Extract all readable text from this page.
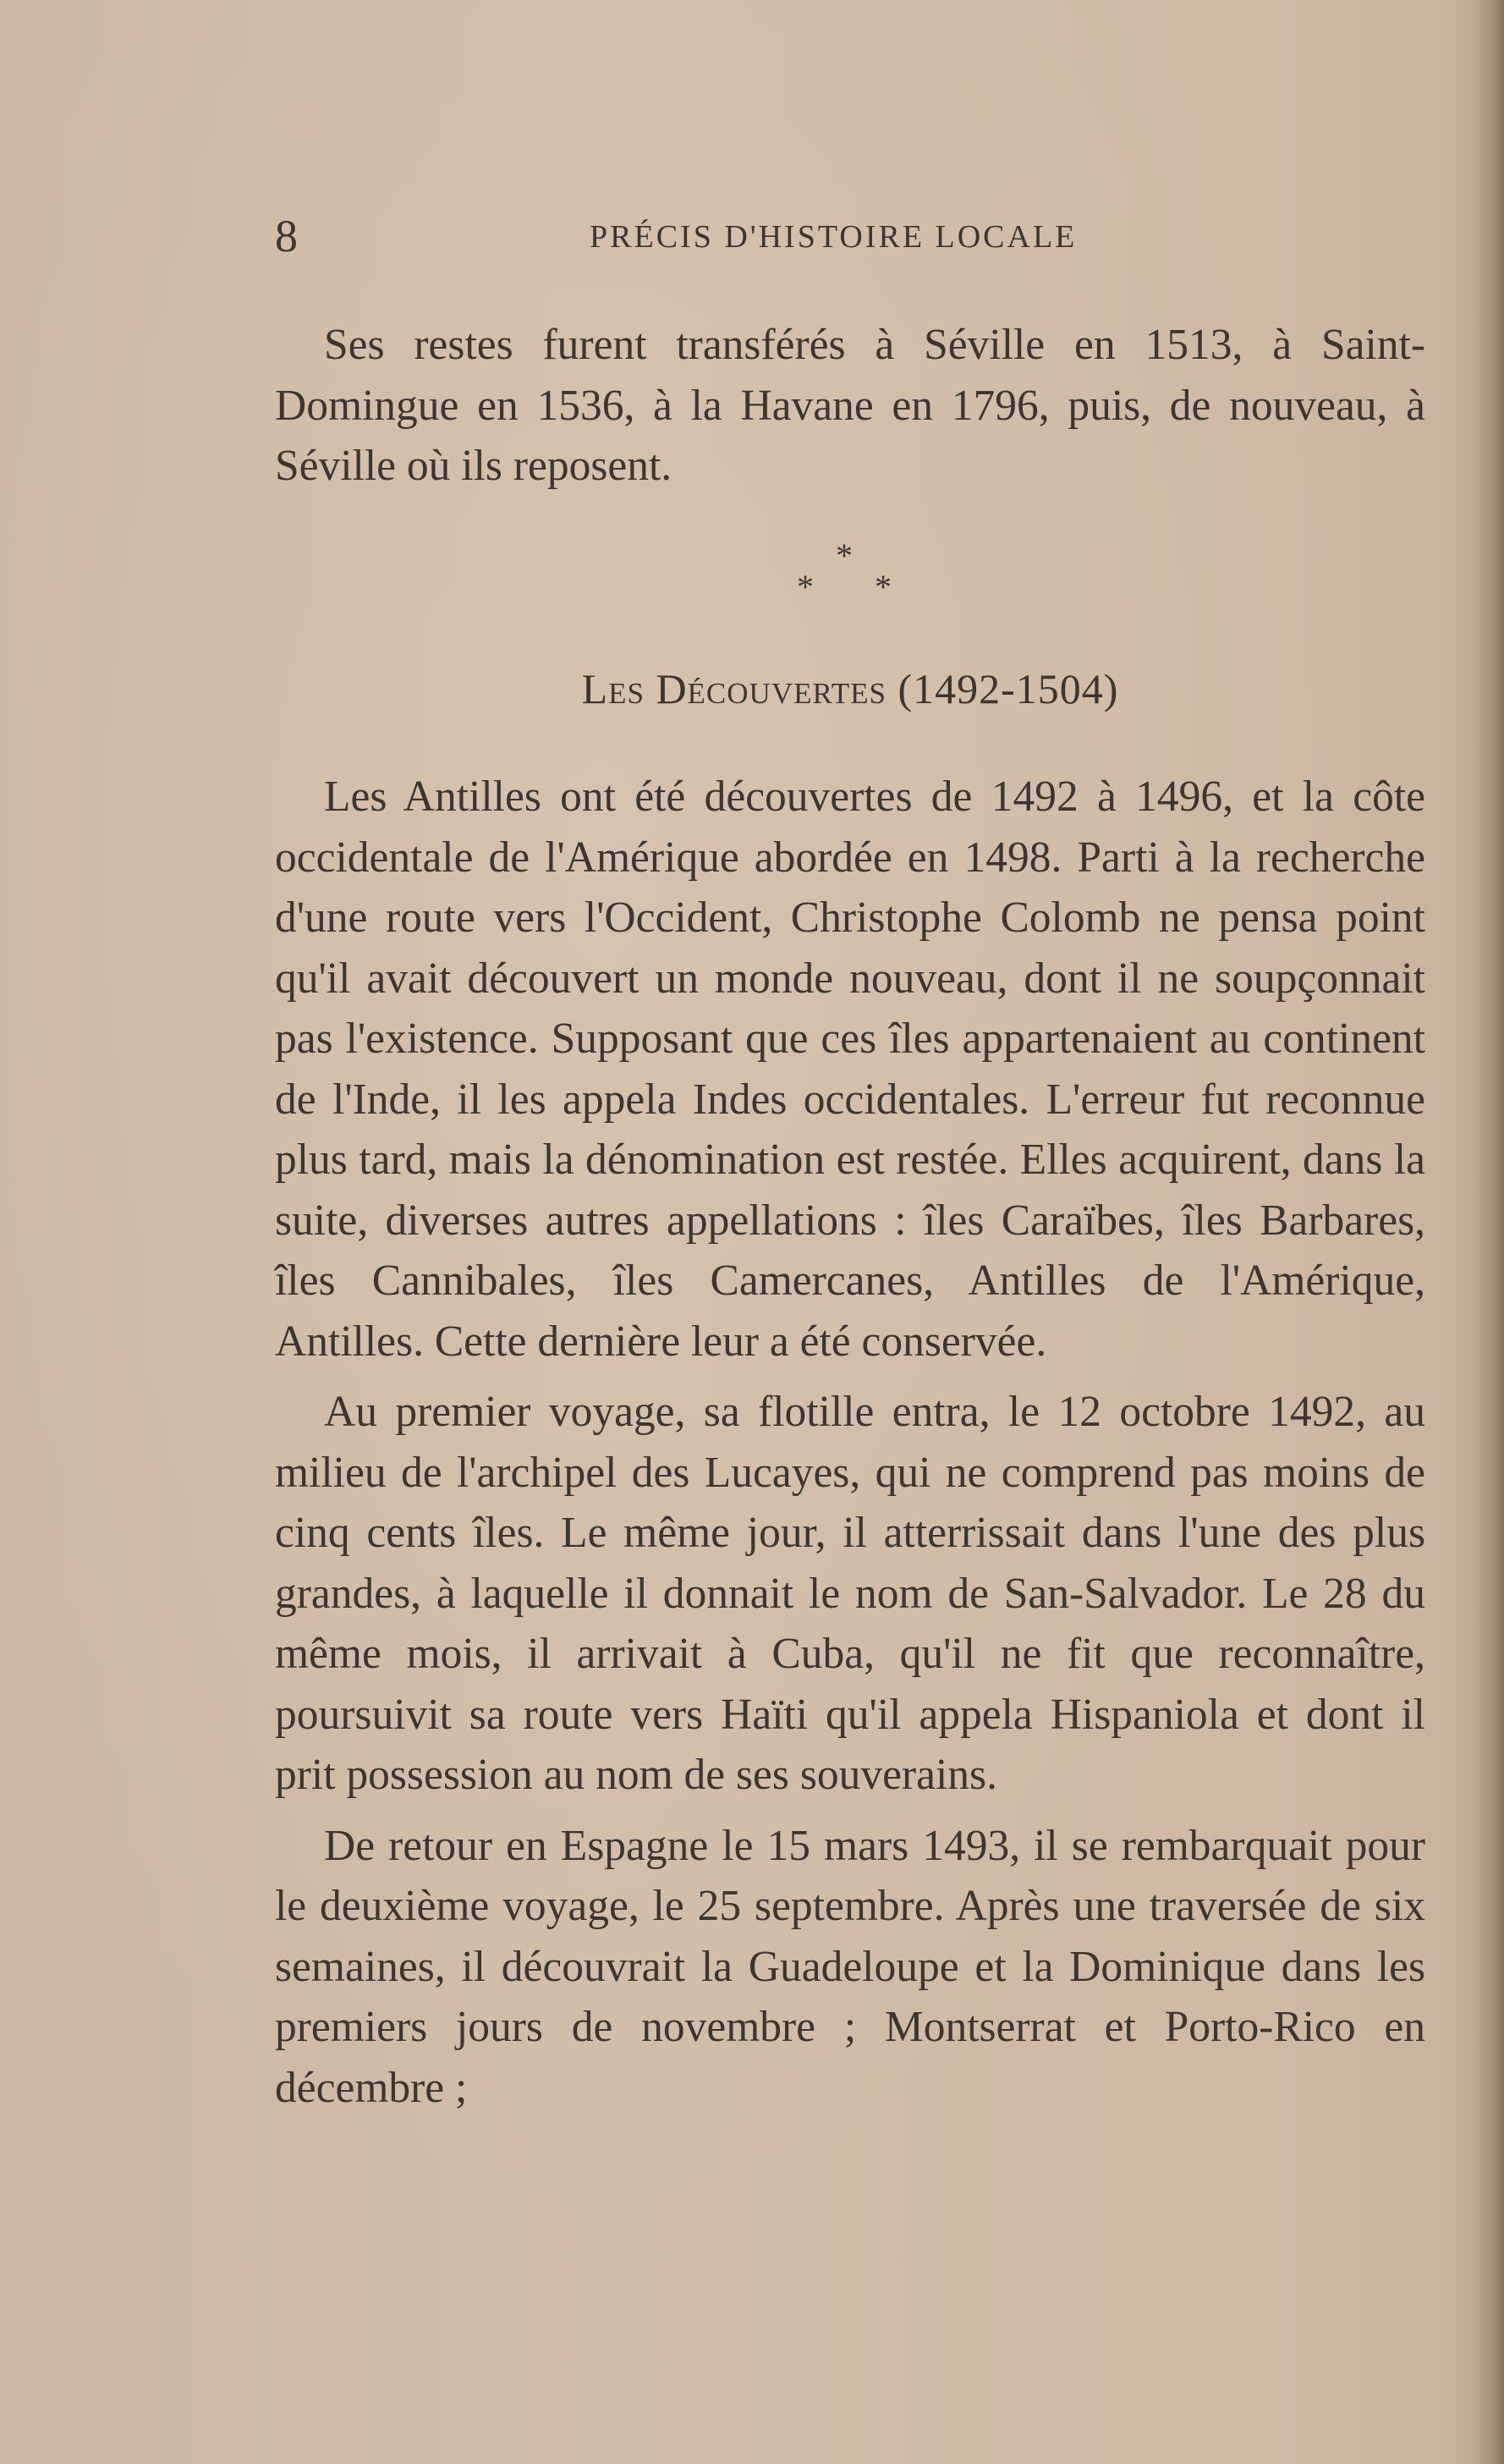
8	PRÉCIS D'HISTOIRE LOCALE

Ses restes furent transférés à Séville en 1513, à Saint-Domingue en 1536, à la Havane en 1796, puis, de nouveau, à Séville où ils reposent.

*
* *
Les Découvertes (1492-1504)

Les Antilles ont été découvertes de 1492 à 1496, et la côte occidentale de l'Amérique abordée en 1498. Parti à la recherche d'une route vers l'Occident, Christophe Colomb ne pensa point qu'il avait découvert un monde nouveau, dont il ne soupçonnait pas l'existence. Supposant que ces îles appartenaient au continent de l'Inde, il les appela Indes occidentales. L'erreur fut reconnue plus tard, mais la dénomination est restée. Elles acquirent, dans la suite, diverses autres appellations : îles Caraïbes, îles Barbares, îles Cannibales, îles Camercanes, Antilles de l'Amérique, Antilles. Cette dernière leur a été conservée.

Au premier voyage, sa flotille entra, le 12 octobre 1492, au milieu de l'archipel des Lucayes, qui ne comprend pas moins de cinq cents îles. Le même jour, il atterrissait dans l'une des plus grandes, à laquelle il donnait le nom de San-Salvador. Le 28 du même mois, il arrivait à Cuba, qu'il ne fit que reconnaître, poursuivit sa route vers Haïti qu'il appela Hispaniola et dont il prit possession au nom de ses souverains.

De retour en Espagne le 15 mars 1493, il se rembarquait pour le deuxième voyage, le 25 septembre. Après une traversée de six semaines, il découvrait la Guadeloupe et la Dominique dans les premiers jours de novembre ; Montserrat et Porto-Rico en décembre ;
